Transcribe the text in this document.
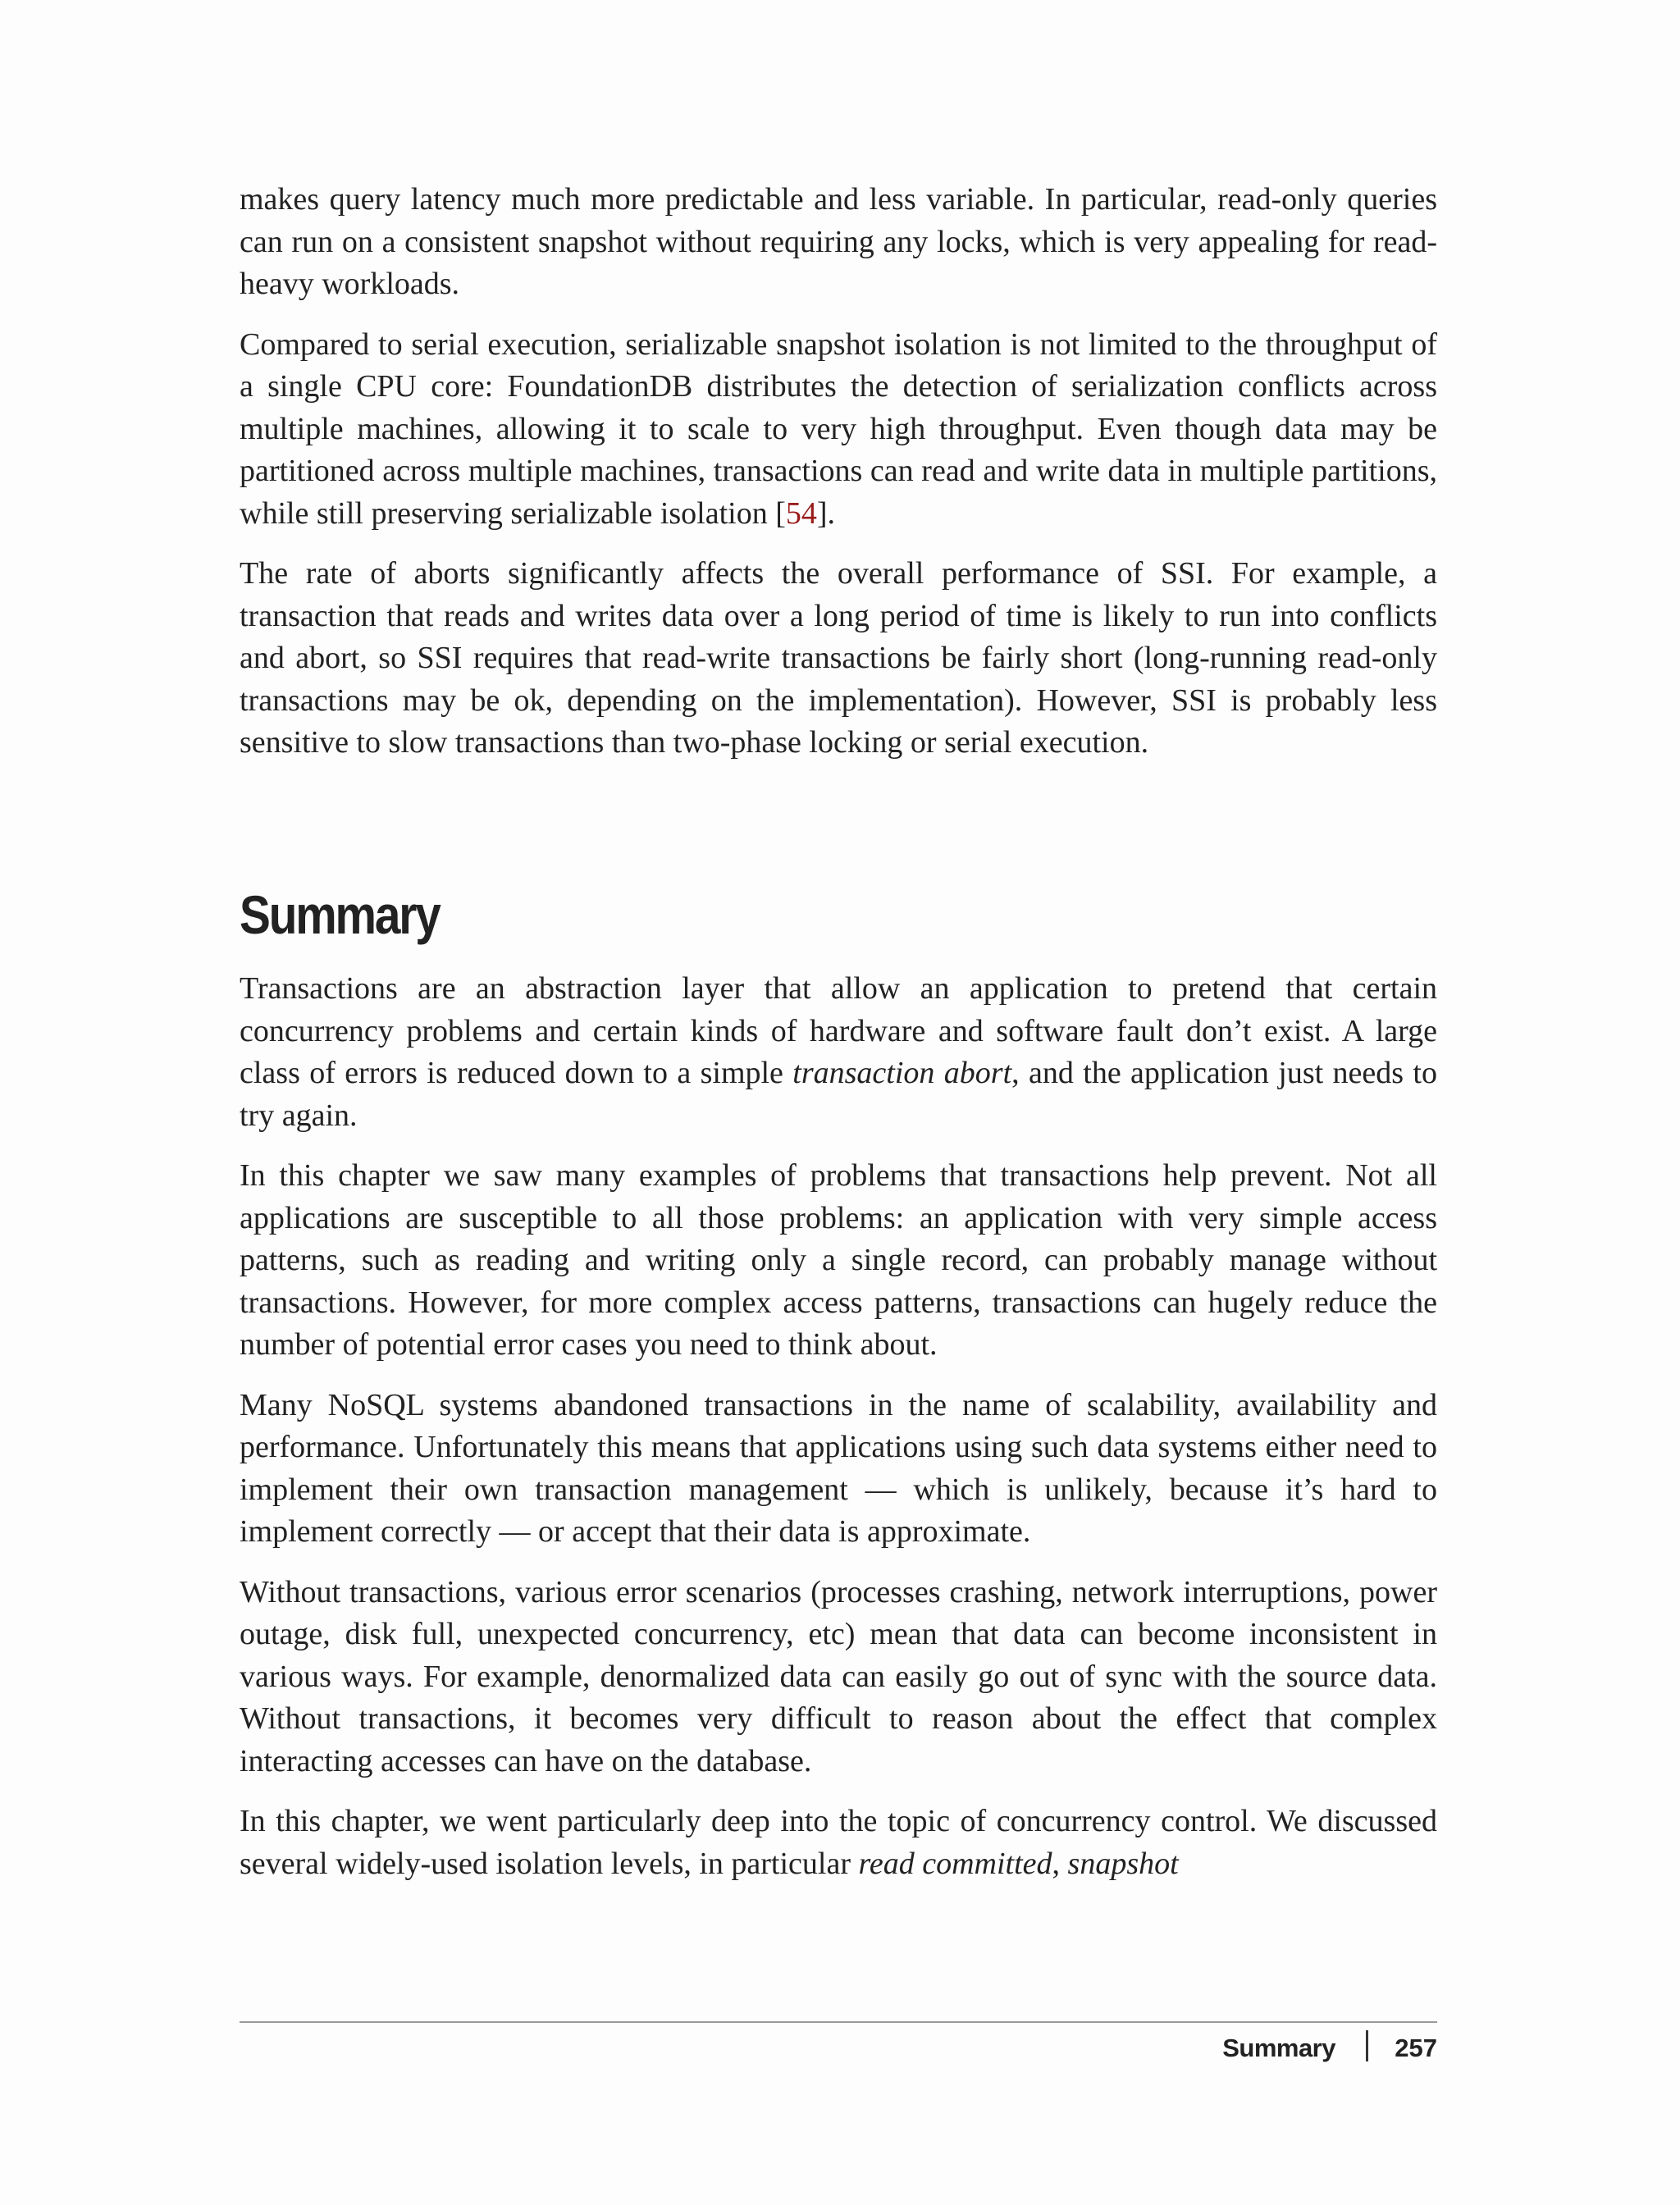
makes query latency much more predictable and less variable. In particular, read-only queries can run on a consistent snapshot without requiring any locks, which is very appealing for read-heavy workloads.

Compared to serial execution, serializable snapshot isolation is not limited to the throughput of a single CPU core: FoundationDB distributes the detection of serialization conflicts across multiple machines, allowing it to scale to very high throughput. Even though data may be partitioned across multiple machines, transactions can read and write data in multiple partitions, while still preserving serializable isolation [54].

The rate of aborts significantly affects the overall performance of SSI. For example, a transaction that reads and writes data over a long period of time is likely to run into conflicts and abort, so SSI requires that read-write transactions be fairly short (long-running read-only transactions may be ok, depending on the implementation). However, SSI is probably less sensitive to slow transactions than two-phase locking or serial execution.

Summary

Transactions are an abstraction layer that allow an application to pretend that certain concurrency problems and certain kinds of hardware and software fault don’t exist. A large class of errors is reduced down to a simple transaction abort, and the application just needs to try again.

In this chapter we saw many examples of problems that transactions help prevent. Not all applications are susceptible to all those problems: an application with very simple access patterns, such as reading and writing only a single record, can probably manage without transactions. However, for more complex access patterns, transactions can hugely reduce the number of potential error cases you need to think about.

Many NoSQL systems abandoned transactions in the name of scalability, availability and performance. Unfortunately this means that applications using such data systems either need to implement their own transaction management — which is unlikely, because it’s hard to implement correctly — or accept that their data is approximate.

Without transactions, various error scenarios (processes crashing, network interruptions, power outage, disk full, unexpected concurrency, etc) mean that data can become inconsistent in various ways. For example, denormalized data can easily go out of sync with the source data. Without transactions, it becomes very difficult to reason about the effect that complex interacting accesses can have on the database.

In this chapter, we went particularly deep into the topic of concurrency control. We discussed several widely-used isolation levels, in particular read committed, snapshot

Summary 257
